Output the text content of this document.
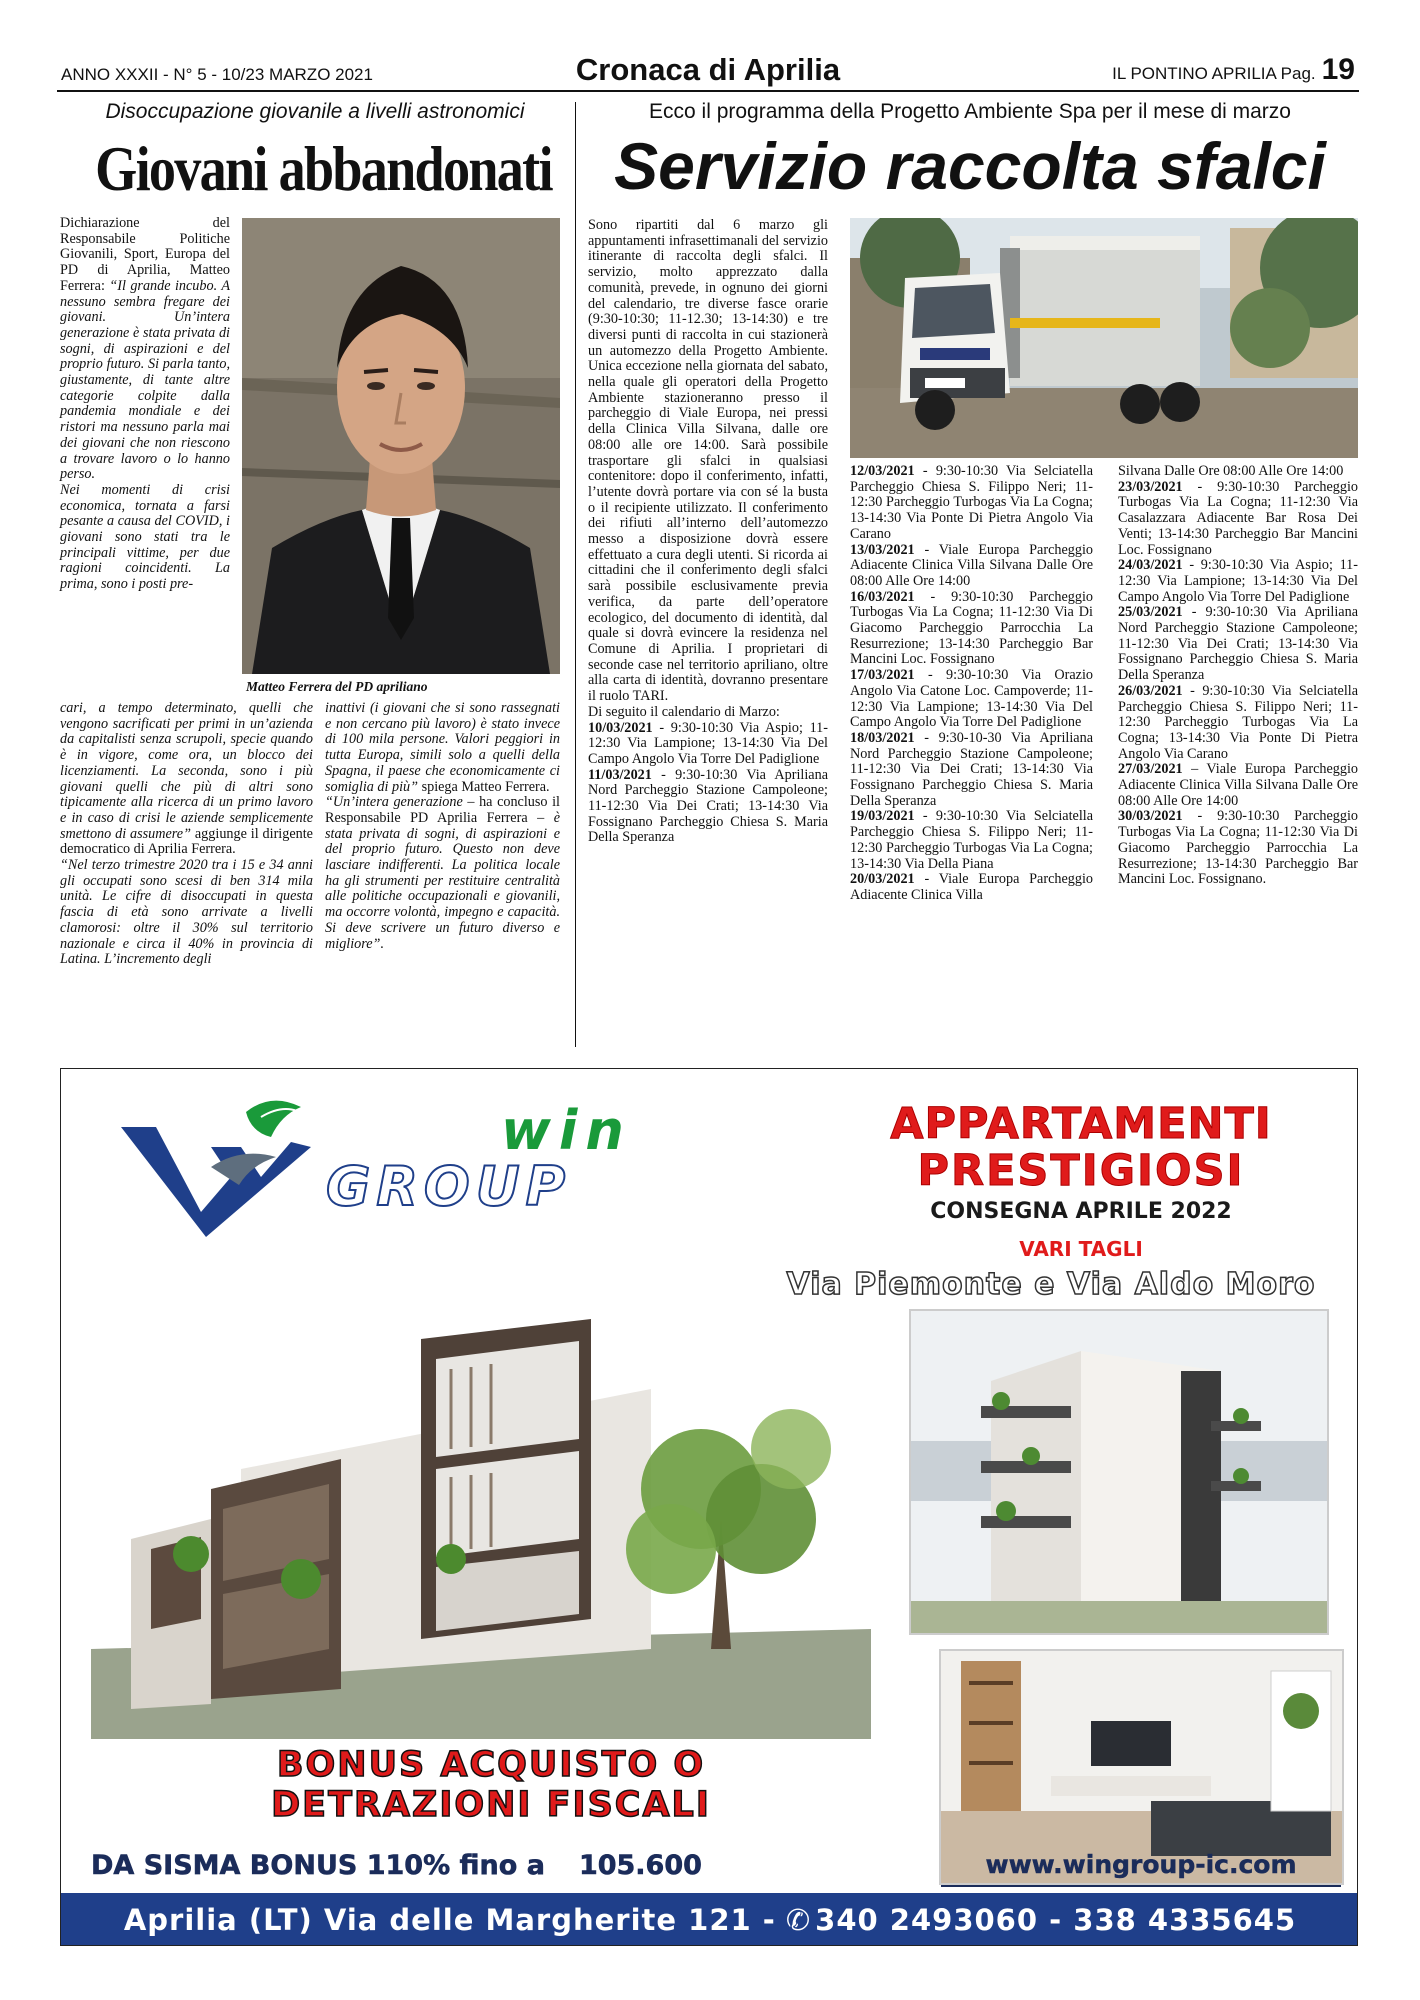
ANNO XXXII - N° 5 - 10/23 MARZO 2021	Cronaca di Aprilia	IL PONTINO APRILIA Pag. 19
Disoccupazione giovanile a livelli astronomici
Giovani abbandonati

Dichiarazione del Responsabile Politiche Giovanili, Sport, Europa del PD di Aprilia, Matteo Ferrera: “Il grande incubo. A nessuno sembra fregare dei giovani. Un’intera generazione è stata privata di sogni, di aspirazioni e del proprio futuro. Si parla tanto, giustamente, di tante altre categorie colpite dalla pandemia mondiale e dei ristori ma nessuno parla mai dei giovani che non riescono a trovare lavoro o lo hanno perso.

Nei momenti di crisi economica, tornata a farsi pesante a causa del COVID, i giovani sono stati tra le principali vittime, per due ragioni coincidenti. La prima, sono i posti pre-

Matteo Ferrera del PD apriliano

cari, a tempo determinato, quelli che vengono sacrificati per primi in un’azienda da capitalisti senza scrupoli, specie quando è in vigore, come ora, un blocco dei licenziamenti. La seconda, sono i più giovani quelli che più di altri sono tipicamente alla ricerca di un primo lavoro e in caso di crisi le aziende semplicemente smettono di assumere” aggiunge il dirigente democratico di Aprilia Ferrera.

“Nel terzo trimestre 2020 tra i 15 e 34 anni gli occupati sono scesi di ben 314 mila unità. Le cifre di disoccupati in questa fascia di età sono arrivate a livelli clamorosi: oltre il 30% sul territorio nazionale e circa il 40% in provincia di Latina. L’incremento degli

inattivi (i giovani che si sono rassegnati e non cercano più lavoro) è stato invece di 100 mila persone. Valori peggiori in tutta Europa, simili solo a quelli della Spagna, il paese che economicamente ci somiglia di più” spiega Matteo Ferrera.

“Un’intera generazione – ha concluso il Responsabile PD Aprilia Ferrera – è stata privata di sogni, di aspirazioni e del proprio futuro. Questo non deve lasciare indifferenti. La politica locale ha gli strumenti per restituire centralità alle politiche occupazionali e giovanili, ma occorre volontà, impegno e capacità. Si deve scrivere un futuro diverso e migliore”.

Ecco il programma della Progetto Ambiente Spa per il mese di marzo
Servizio raccolta sfalci

Sono ripartiti dal 6 marzo gli appuntamenti infrasettimanali del servizio itinerante di raccolta degli sfalci. Il servizio, molto apprezzato dalla comunità, prevede, in ognuno dei giorni del calendario, tre diverse fasce orarie (9:30-10:30; 11-12.30; 13-14:30) e tre diversi punti di raccolta in cui stazionerà un automezzo della Progetto Ambiente. Unica eccezione nella giornata del sabato, nella quale gli operatori della Progetto Ambiente stazioneranno presso il parcheggio di Viale Europa, nei pressi della Clinica Villa Silvana, dalle ore 08:00 alle ore 14:00. Sarà possibile trasportare gli sfalci in qualsiasi contenitore: dopo il conferimento, infatti, l’utente dovrà portare via con sé la busta o il recipiente utilizzato. Il conferimento dei rifiuti all’interno dell’automezzo messo a disposizione dovrà essere effettuato a cura degli utenti. Si ricorda ai cittadini che il conferimento degli sfalci sarà possibile esclusivamente previa verifica, da parte dell’operatore ecologico, del documento di identità, dal quale si dovrà evincere la residenza nel Comune di Aprilia. I proprietari di seconde case nel territorio apriliano, oltre alla carta di identità, dovranno presentare il ruolo TARI.

Di seguito il calendario di Marzo:

10/03/2021 - 9:30-10:30 Via Aspio; 11-12:30 Via Lampione; 13-14:30 Via Del Campo Angolo Via Torre Del Padiglione

11/03/2021 - 9:30-10:30 Via Apriliana Nord Parcheggio Stazione Campoleone; 11-12:30 Via Dei Crati; 13-14:30 Via Fossignano Parcheggio Chiesa S. Maria Della Speranza

12/03/2021 - 9:30-10:30 Via Selciatella Parcheggio Chiesa S. Filippo Neri; 11-12:30 Parcheggio Turbogas Via La Cogna; 13-14:30 Via Ponte Di Pietra Angolo Via Carano

13/03/2021 - Viale Europa Parcheggio Adiacente Clinica Villa Silvana Dalle Ore 08:00 Alle Ore 14:00

16/03/2021 - 9:30-10:30 Parcheggio Turbogas Via La Cogna; 11-12:30 Via Di Giacomo Parcheggio Parrocchia La Resurrezione; 13-14:30 Parcheggio Bar Mancini Loc. Fossignano

17/03/2021 - 9:30-10:30 Via Orazio Angolo Via Catone Loc. Campoverde; 11-12:30 Via Lampione; 13-14:30 Via Del Campo Angolo Via Torre Del Padiglione

18/03/2021 - 9:30-10-30 Via Apriliana Nord Parcheggio Stazione Campoleone; 11-12:30 Via Dei Crati; 13-14:30 Via Fossignano Parcheggio Chiesa S. Maria Della Speranza

19/03/2021 - 9:30-10:30 Via Selciatella Parcheggio Chiesa S. Filippo Neri; 11-12:30 Parcheggio Turbogas Via La Cogna; 13-14:30 Via Della Piana

20/03/2021 - Viale Europa Parcheggio Adiacente Clinica Villa

Silvana Dalle Ore 08:00 Alle Ore 14:00

23/03/2021 - 9:30-10:30 Parcheggio Turbogas Via La Cogna; 11-12:30 Via Casalazzara Adiacente Bar Rosa Dei Venti; 13-14:30 Parcheggio Bar Mancini Loc. Fossignano

24/03/2021 - 9:30-10:30 Via Aspio; 11-12:30 Via Lampione; 13-14:30 Via Del Campo Angolo Via Torre Del Padiglione

25/03/2021 - 9:30-10:30 Via Apriliana Nord Parcheggio Stazione Campoleone; 11-12:30 Via Dei Crati; 13-14:30 Via Fossignano Parcheggio Chiesa S. Maria Della Speranza

26/03/2021 - 9:30-10:30 Via Selciatella Parcheggio Chiesa S. Filippo Neri; 11-12:30 Parcheggio Turbogas Via La Cogna; 13-14:30 Via Ponte Di Pietra Angolo Via Carano

27/03/2021 – Viale Europa Parcheggio Adiacente Clinica Villa Silvana Dalle Ore 08:00 Alle Ore 14:00

30/03/2021 - 9:30-10:30 Parcheggio Turbogas Via La Cogna; 11-12:30 Via Di Giacomo Parcheggio Parrocchia La Resurrezione; 13-14:30 Parcheggio Bar Mancini Loc. Fossignano.

win
GROUP
APPARTAMENTI
PRESTIGIOSI
CONSEGNA APRILE 2022
VARI TAGLI
Via Piemonte e Via Aldo Moro
BONUS ACQUISTO O
DETRAZIONI FISCALI
DA SISMA BONUS 110% fino a 105.600	www.wingroup-ic.com
Aprilia (LT) Via delle Margherite 121 - ✆ 340 2493060 - 338 4335645
